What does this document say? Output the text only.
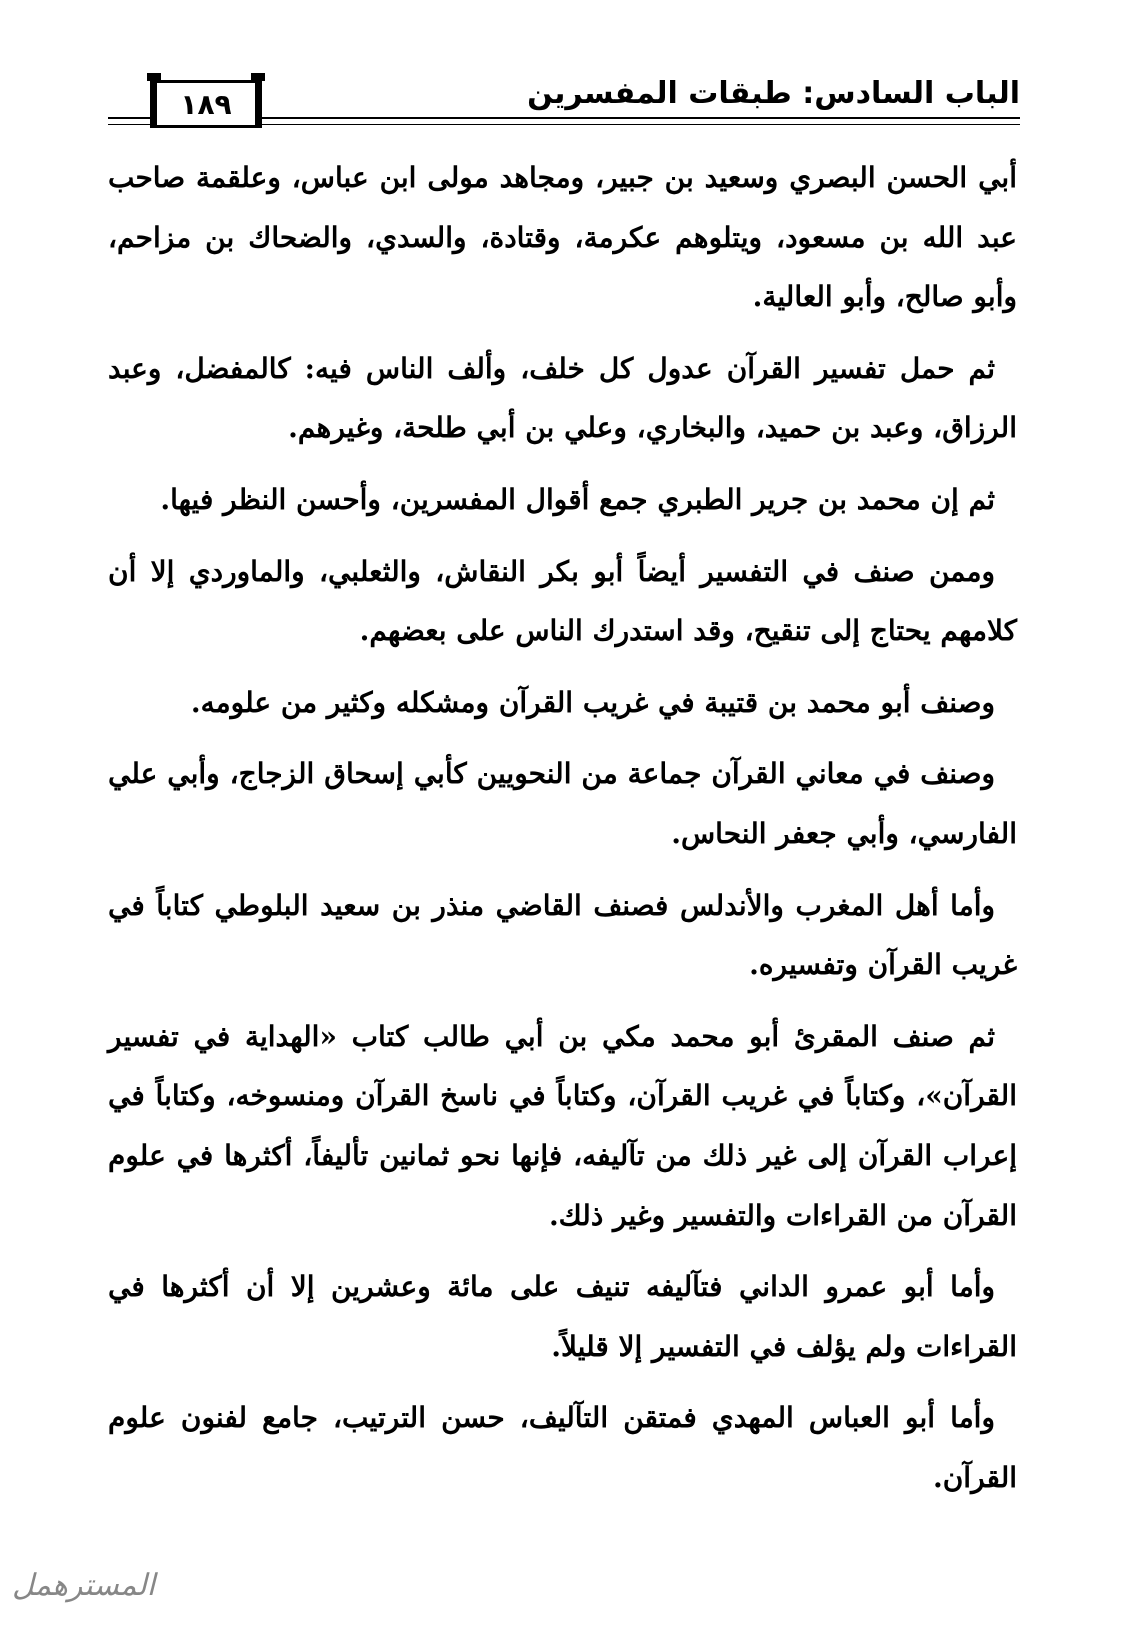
الباب السادس: طبقات المفسرين
١٨٩

أبي الحسن البصري وسعيد بن جبير، ومجاهد مولى ابن عباس، وعلقمة صاحب عبد الله بن مسعود، ويتلوهم عكرمة، وقتادة، والسدي، والضحاك بن مزاحم، وأبو صالح، وأبو العالية.

ثم حمل تفسير القرآن عدول كل خلف، وألف الناس فيه: كالمفضل، وعبد الرزاق، وعبد بن حميد، والبخاري، وعلي بن أبي طلحة، وغيرهم.

ثم إن محمد بن جرير الطبري جمع أقوال المفسرين، وأحسن النظر فيها.

وممن صنف في التفسير أيضاً أبو بكر النقاش، والثعلبي، والماوردي إلا أن كلامهم يحتاج إلى تنقيح، وقد استدرك الناس على بعضهم.

وصنف أبو محمد بن قتيبة في غريب القرآن ومشكله وكثير من علومه.

وصنف في معاني القرآن جماعة من النحويين كأبي إسحاق الزجاج، وأبي علي الفارسي، وأبي جعفر النحاس.

وأما أهل المغرب والأندلس فصنف القاضي منذر بن سعيد البلوطي كتاباً في غريب القرآن وتفسيره.

ثم صنف المقرئ أبو محمد مكي بن أبي طالب كتاب «الهداية في تفسير القرآن»، وكتاباً في غريب القرآن، وكتاباً في ناسخ القرآن ومنسوخه، وكتاباً في إعراب القرآن إلى غير ذلك من تآليفه، فإنها نحو ثمانين تأليفاً، أكثرها في علوم القرآن من القراءات والتفسير وغير ذلك.

وأما أبو عمرو الداني فتآليفه تنيف على مائة وعشرين إلا أن أكثرها في القراءات ولم يؤلف في التفسير إلا قليلاً.

وأما أبو العباس المهدي فمتقن التآليف، حسن الترتيب، جامع لفنون علوم القرآن.

المسترهمل
